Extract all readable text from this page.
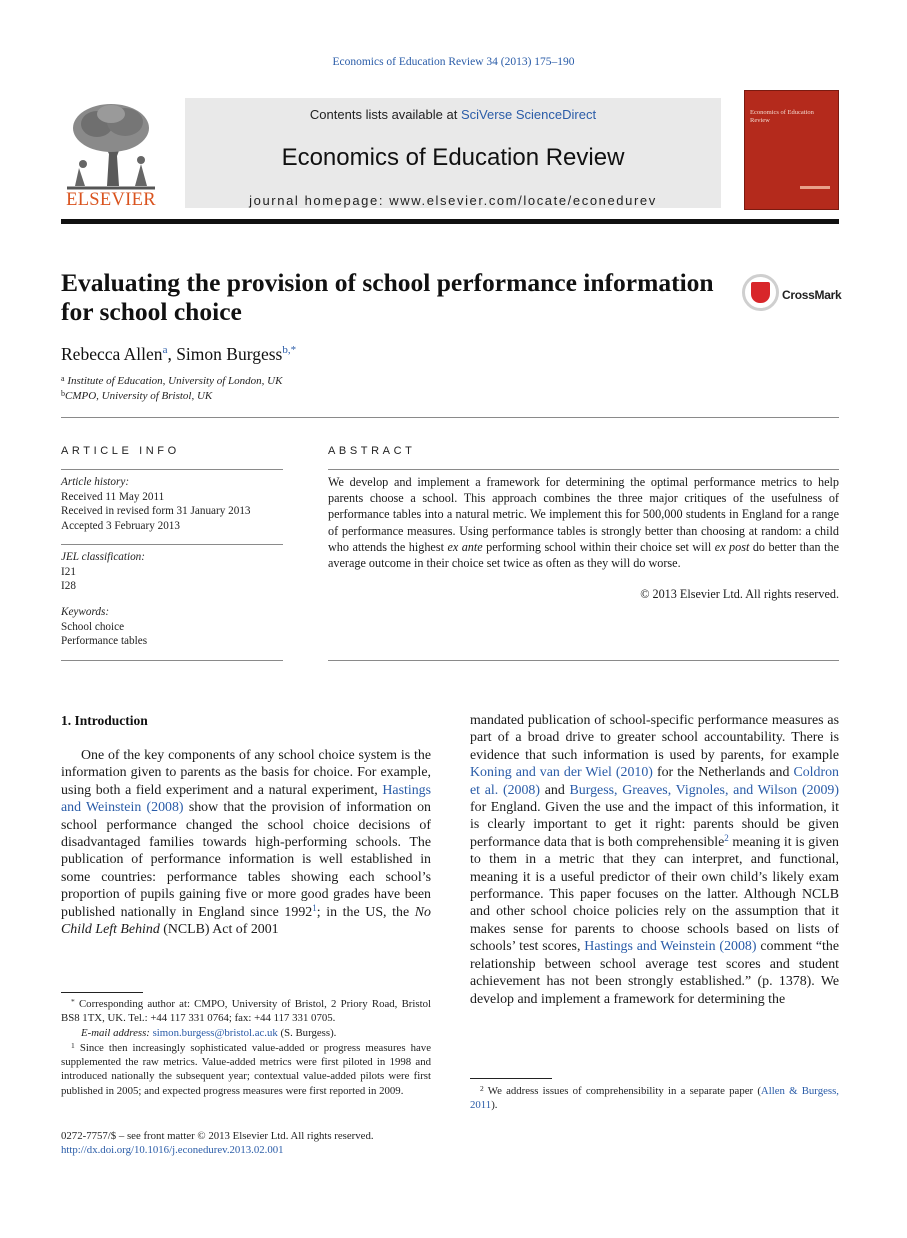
Economics of Education Review 34 (2013) 175–190
ELSEVIER
Contents lists available at SciVerse ScienceDirect
Economics of Education Review
journal homepage: www.elsevier.com/locate/econedurev
Economics of Education Review
Evaluating the provision of school performance information for school choice
CrossMark
Rebecca Allen$^a$, Simon Burgess$^{b,*}$
$^a$ Institute of Education, University of London, UK
$^b$CMPO, University of Bristol, UK
ARTICLE INFO	ABSTRACT
Article history:
Received 11 May 2011
Received in revised form 31 January 2013
Accepted 3 February 2013
JEL classification:
I21
I28
Keywords:
School choice
Performance tables
We develop and implement a framework for determining the optimal performance metrics to help parents choose a school. This approach combines the three major critiques of the usefulness of performance tables into a natural metric. We implement this for 500,000 students in England for a range of performance measures. Using performance tables is strongly better than choosing at random: a child who attends the highest ex ante performing school within their choice set will ex post do better than the average outcome in their choice set twice as often as they will do worse.
© 2013 Elsevier Ltd. All rights reserved.
1. Introduction

One of the key components of any school choice system is the information given to parents as the basis for choice. For example, using both a field experiment and a natural experiment, Hastings and Weinstein (2008) show that the provision of information on school performance changed the school choice decisions of disadvantaged families towards high-performing schools. The publication of performance information is well established in some countries: performance tables showing each school’s proportion of pupils gaining five or more good grades have been published nationally in England since 1992$^1$; in the US, the No Child Left Behind (NCLB) Act of 2001

mandated publication of school-specific performance measures as part of a broad drive to greater school accountability. There is evidence that such information is used by parents, for example Koning and van der Wiel (2010) for the Netherlands and Coldron et al. (2008) and Burgess, Greaves, Vignoles, and Wilson (2009) for England. Given the use and the impact of this information, it is clearly important to get it right: parents should be given performance data that is both comprehensible$^2$ meaning it is given to them in a metric that they can interpret, and functional, meaning it is a useful predictor of their own child’s likely exam performance. This paper focuses on the latter. Although NCLB and other school choice policies rely on the assumption that it makes sense for parents to choose schools based on lists of schools’ test scores, Hastings and Weinstein (2008) comment “the relationship between school average test scores and student achievement has not been strongly established.” (p. 1378). We develop and implement a framework for determining the

* Corresponding author at: CMPO, University of Bristol, 2 Priory Road, Bristol BS8 1TX, UK. Tel.: +44 117 331 0764; fax: +44 117 331 0705.
E-mail address: simon.burgess@bristol.ac.uk (S. Burgess).
$^1$ Since then increasingly sophisticated value-added or progress measures have supplemented the raw metrics. Value-added metrics were first piloted in 1998 and introduced nationally the subsequent year; contextual value-added pilots were first published in 2005; and expected progress measures were first reported in 2009.
0272-7757/$ – see front matter © 2013 Elsevier Ltd. All rights reserved.
http://dx.doi.org/10.1016/j.econedurev.2013.02.001
$^2$ We address issues of comprehensibility in a separate paper (Allen & Burgess, 2011).
